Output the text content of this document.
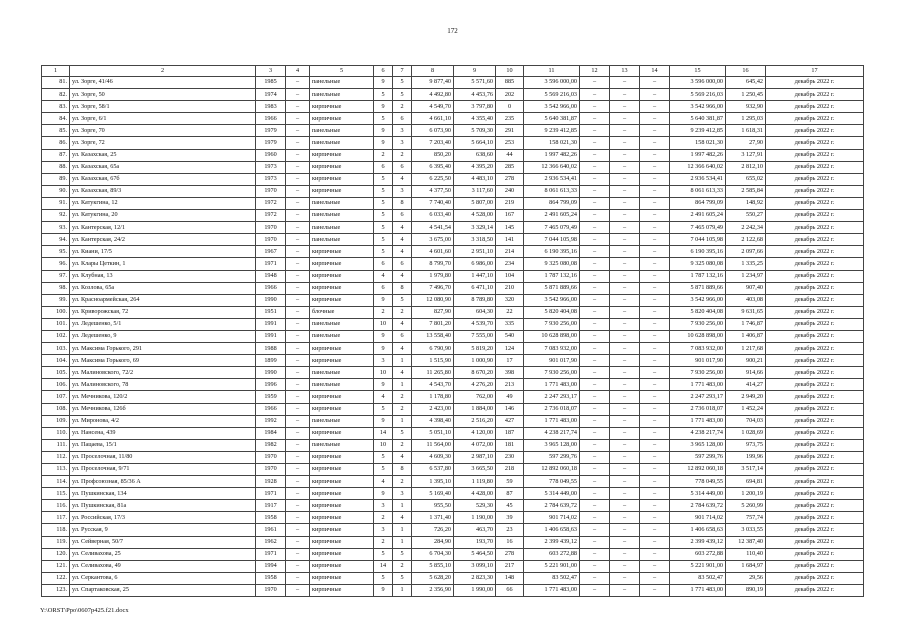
172
1	2	3	4	5	6	7	8	9	10	11	12	13	14	15	16	17
81.	ул. Зорге, 41/46	1985	–	панельные	9	5	9 877,40	5 571,60	885	3 596 000,00	–	–	–	3 596 000,00	645,42	декабрь 2022 г.
82.	ул. Зорге, 50	1974	–	панельные	5	5	4 492,80	4 453,76	202	5 569 216,03	–	–	–	5 569 216,03	1 250,45	декабрь 2022 г.
83.	ул. Зорге, 58/1	1983	–	кирпичные	9	2	4 549,70	3 797,80	0	3 542 966,00	–	–	–	3 542 966,00	932,90	декабрь 2022 г.
84.	ул. Зорге, 6/1	1966	–	кирпичные	5	6	4 661,10	4 355,40	235	5 640 381,87	–	–	–	5 640 381,87	1 295,03	декабрь 2022 г.
85.	ул. Зорге, 70	1979	–	панельные	9	3	6 073,90	5 709,30	291	9 239 412,85	–	–	–	9 239 412,85	1 618,31	декабрь 2022 г.
86.	ул. Зорге, 72	1979	–	панельные	9	3	7 203,40	5 664,10	253	158 021,30	–	–	–	158 021,30	27,90	декабрь 2022 г.
87.	ул. Казахская, 25	1960	–	кирпичные	2	2	850,20	638,60	44	1 997 482,26	–	–	–	1 997 482,26	3 127,91	декабрь 2022 г.
88.	ул. Казахская, 65а	1973	–	кирпичные	6	6	6 395,40	4 395,20	285	12 366 640,02	–	–	–	12 366 640,02	2 812,10	декабрь 2022 г.
89.	ул. Казахская, 67б	1973	–	кирпичные	5	4	6 225,50	4 483,10	278	2 936 534,41	–	–	–	2 936 534,41	655,02	декабрь 2022 г.
90.	ул. Казахская, 89/3	1970	–	кирпичные	5	3	4 377,50	3 117,60	240	8 061 613,33	–	–	–	8 061 613,33	2 585,84	декабрь 2022 г.
91.	ул. Катукгина, 12	1972	–	панельные	5	8	7 740,40	5 807,00	219	864 799,09	–	–	–	864 799,09	148,92	декабрь 2022 г.
92.	ул. Катукгина, 20	1972	–	панельные	5	6	6 033,40	4 528,00	167	2 491 605,24	–	–	–	2 491 605,24	550,27	декабрь 2022 г.
93.	ул. Кантерская, 12/1	1970	–	панельные	5	4	4 541,54	3 329,14	145	7 465 079,49	–	–	–	7 465 079,49	2 242,34	декабрь 2022 г.
94.	ул. Кантерская, 24/2	1970	–	панельные	5	4	3 675,00	3 318,50	141	7 044 105,98	–	–	–	7 044 105,98	2 122,68	декабрь 2022 г.
95.	ул. Киани, 17/5	1967	–	кирпичные	5	4	4 601,60	2 951,10	214	6 190 395,16	–	–	–	6 190 395,16	2 097,66	декабрь 2022 г.
96.	ул. Клары Цеткин, 1	1971	–	кирпичные	6	6	8 799,70	6 986,00	234	9 325 080,08	–	–	–	9 325 080,08	1 335,25	декабрь 2022 г.
97.	ул. Клубная, 13	1948	–	кирпичные	4	4	1 979,80	1 447,10	104	1 787 132,16	–	–	–	1 787 132,16	1 234,97	декабрь 2022 г.
98.	ул. Козлова, 65а	1966	–	кирпичные	6	8	7 496,70	6 471,10	210	5 871 889,66	–	–	–	5 871 889,66	907,40	декабрь 2022 г.
99.	ул. Красноармейская, 264	1990	–	кирпичные	9	5	12 080,90	8 789,80	320	3 542 966,00	–	–	–	3 542 966,00	403,08	декабрь 2022 г.
100.	ул. Криворожская, 72	1951	–	блочные	2	2	827,90	604,30	22	5 820 404,08	–	–	–	5 820 404,08	9 631,65	декабрь 2022 г.
101.	ул. Ледешенко, 5/1	1991	–	панельные	10	4	7 801,20	4 539,70	335	7 930 256,00	–	–	–	7 930 256,00	1 746,87	декабрь 2022 г.
102.	ул. Ледешенко, 9	1991	–	панельные	9	6	13 558,40	7 555,00	540	10 628 898,00	–	–	–	10 628 898,00	1 406,87	декабрь 2022 г.
103.	ул. Максима Горького, 291	1988	–	кирпичные	9	4	6 790,90	5 819,20	124	7 083 932,00	–	–	–	7 083 932,00	1 217,68	декабрь 2022 г.
104.	ул. Максима Горького, 69	1899	–	кирпичные	3	1	1 515,90	1 000,90	17	901 017,90	–	–	–	901 017,90	900,21	декабрь 2022 г.
105.	ул. Малиновского, 72/2	1990	–	панельные	10	4	11 265,80	8 670,20	398	7 930 256,00	–	–	–	7 930 256,00	914,66	декабрь 2022 г.
106.	ул. Малиновского, 78	1996	–	панельные	9	1	4 543,70	4 276,20	213	1 771 483,00	–	–	–	1 771 483,00	414,27	декабрь 2022 г.
107.	ул. Мечникова, 120/2	1959	–	кирпичные	4	2	1 178,80	762,00	49	2 247 293,17	–	–	–	2 247 293,17	2 949,20	декабрь 2022 г.
108.	ул. Мечникова, 126б	1966	–	кирпичные	5	2	2 423,00	1 884,00	146	2 736 018,07	–	–	–	2 736 018,07	1 452,24	декабрь 2022 г.
109.	ул. Миронова, 4/2	1992	–	панельные	9	1	4 398,40	2 516,20	427	1 771 483,00	–	–	–	1 771 483,00	704,03	декабрь 2022 г.
110.	ул. Нансена, 439	1984	–	кирпичные	14	5	5 051,10	4 120,00	187	4 238 217,74	–	–	–	4 238 217,74	1 028,69	декабрь 2022 г.
111.	ул. Пацаева, 15/1	1982	–	панельные	10	2	11 564,00	4 072,00	181	3 965 128,00	–	–	–	3 965 128,00	973,75	декабрь 2022 г.
112.	ул. Проселочная, 11/80	1970	–	кирпичные	5	4	4 609,30	2 987,10	230	597 299,76	–	–	–	597 299,76	199,96	декабрь 2022 г.
113.	ул. Проселочная, 9/71	1970	–	кирпичные	5	8	6 537,80	3 665,50	218	12 892 060,18	–	–	–	12 892 060,18	3 517,14	декабрь 2022 г.
114.	ул. Профсоюзная, 85/36 А	1928	–	кирпичные	4	2	1 395,10	1 119,80	59	778 049,55	–	–	–	778 049,55	694,81	декабрь 2022 г.
115.	ул. Пушкинская, 134	1971	–	кирпичные	9	3	5 169,40	4 428,00	87	5 314 449,00	–	–	–	5 314 449,00	1 200,19	декабрь 2022 г.
116.	ул. Пушкинская, 81а	1917	–	кирпичные	3	1	955,50	529,30	45	2 784 639,72	–	–	–	2 784 639,72	5 260,99	декабрь 2022 г.
117.	ул. Российская, 17/3	1958	–	кирпичные	2	4	1 371,40	1 190,00	39	901 714,02	–	–	–	901 714,02	757,74	декабрь 2022 г.
118.	ул. Русская, 9	1961	–	кирпичные	3	1	726,20	463,70	23	1 406 658,63	–	–	–	1 406 658,63	3 033,55	декабрь 2022 г.
119.	ул. Сейверная, 50/7	1962	–	кирпичные	2	1	284,90	193,70	16	2 399 439,12	–	–	–	2 399 439,12	12 387,40	декабрь 2022 г.
120.	ул. Селивахова, 25	1971	–	кирпичные	5	5	6 704,30	5 464,50	278	603 272,88	–	–	–	603 272,88	110,40	декабрь 2022 г.
121.	ул. Селивахова, 49	1994	–	кирпичные	14	2	5 855,10	3 099,10	217	5 221 901,00	–	–	–	5 221 901,00	1 684,97	декабрь 2022 г.
122.	ул. Серкантова, 6	1958	–	кирпичные	5	5	5 628,20	2 823,30	148	83 502,47	–	–	–	83 502,47	29,56	декабрь 2022 г.
123.	ул. Спартаковская, 25	1970	–	кирпичные	9	1	2 356,90	1 990,00	66	1 771 483,00	–	–	–	1 771 483,00	890,19	декабрь 2022 г.
Y:\ORST\Ppo\0607p425.f21.docx
